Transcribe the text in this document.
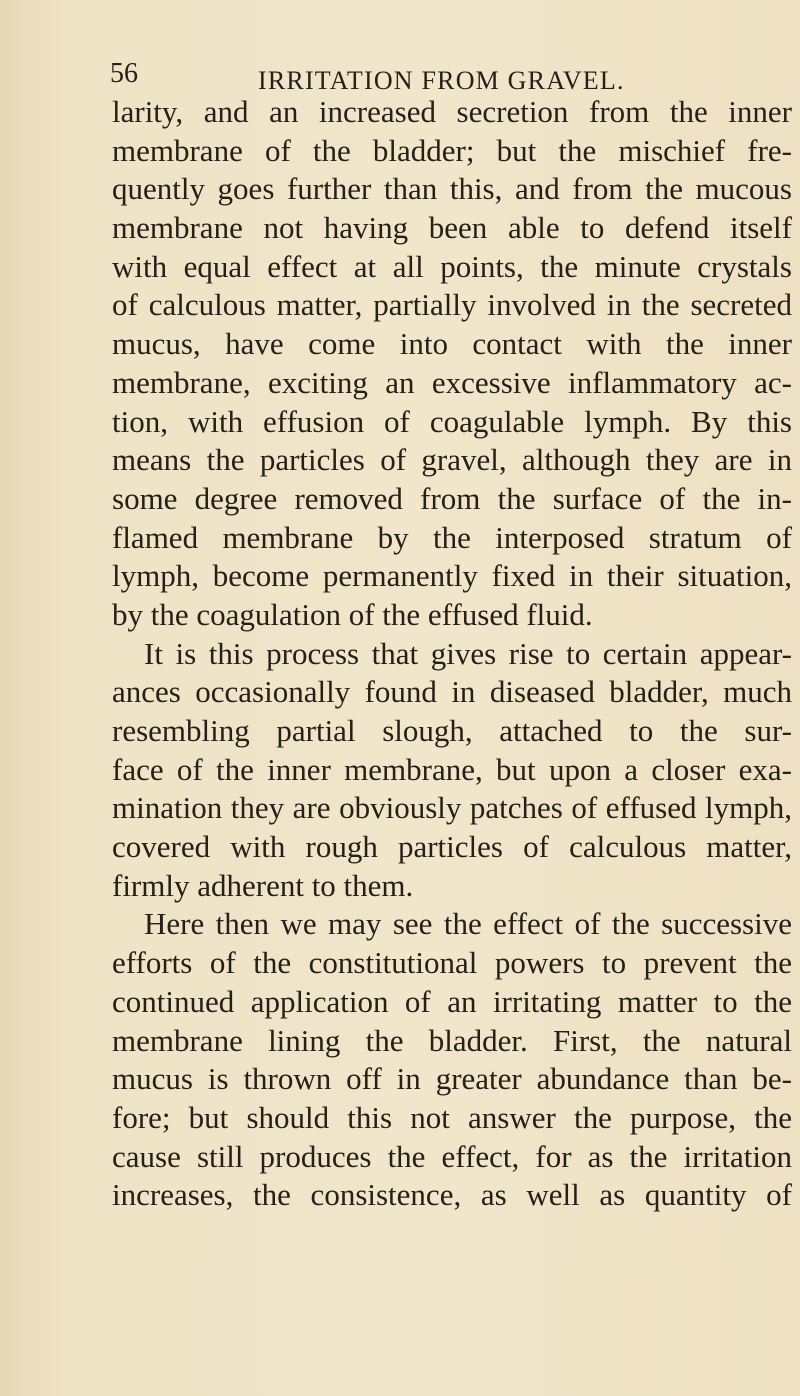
56	IRRITATION FROM GRAVEL.
larity, and an increased secretion from the inner
membrane of the bladder; but the mischief fre-
quently goes further than this, and from the mucous
membrane not having been able to defend itself
with equal effect at all points, the minute crystals
of calculous matter, partially involved in the secreted
mucus, have come into contact with the inner
membrane, exciting an excessive inflammatory ac-
tion, with effusion of coagulable lymph. By this
means the particles of gravel, although they are in
some degree removed from the surface of the in-
flamed membrane by the interposed stratum of
lymph, become permanently fixed in their situation,
by the coagulation of the effused fluid.
It is this process that gives rise to certain appear-
ances occasionally found in diseased bladder, much
resembling partial slough, attached to the sur-
face of the inner membrane, but upon a closer exa-
mination they are obviously patches of effused lymph,
covered with rough particles of calculous matter,
firmly adherent to them.
Here then we may see the effect of the successive
efforts of the constitutional powers to prevent the
continued application of an irritating matter to the
membrane lining the bladder. First, the natural
mucus is thrown off in greater abundance than be-
fore; but should this not answer the purpose, the
cause still produces the effect, for as the irritation
increases, the consistence, as well as quantity of
